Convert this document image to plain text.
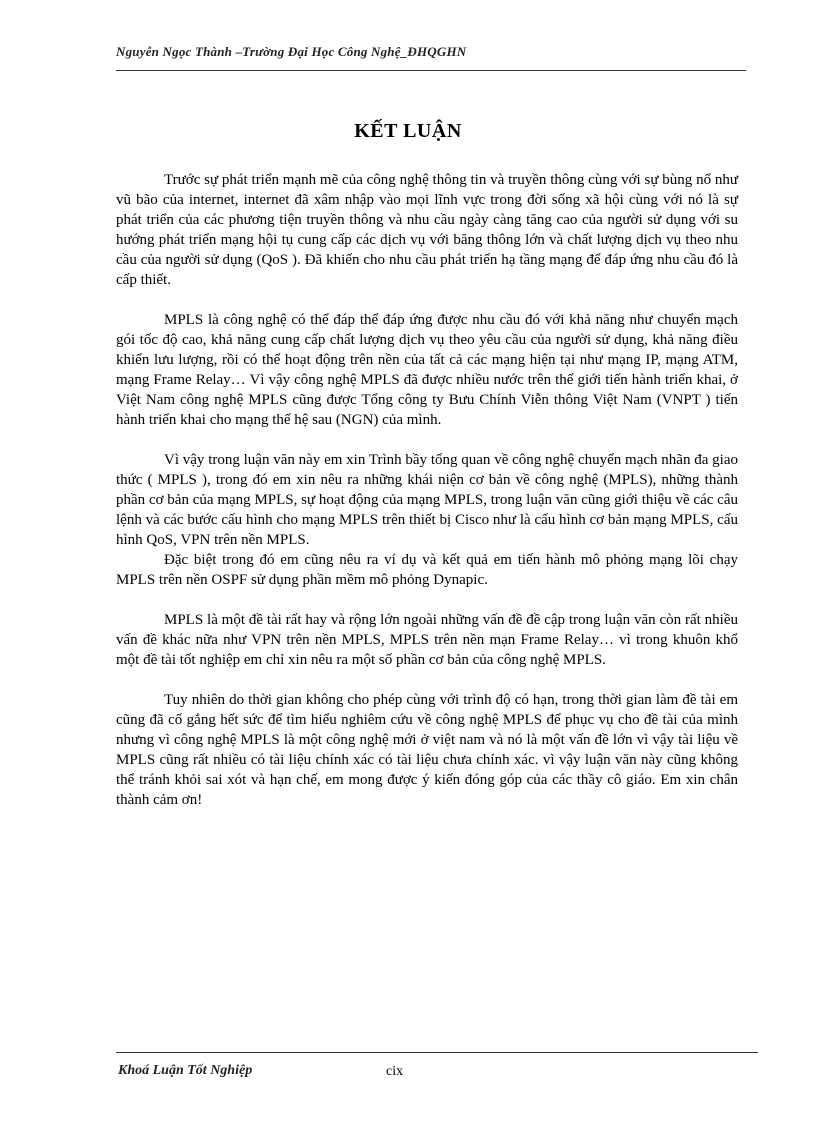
Nguyễn Ngọc Thành –Trường Đại Học Công Nghệ_ĐHQGHN
KẾT LUẬN

Trước sự phát triển mạnh mẽ của công nghệ thông tin và truyền thông cùng với sự bùng nổ như vũ bão của internet, internet đã xâm nhập vào mọi lĩnh vực trong đời sống xã hội cùng với nó là sự phát triển của các phương tiện truyền thông và nhu cầu ngày càng tăng cao của người sử dụng với su hướng phát triển mạng hội tụ cung cấp các dịch vụ với băng thông lớn và chất lượng dịch vụ theo nhu cầu của người sử dụng (QoS ). Đã khiến cho nhu cầu phát triển hạ tầng mạng để đáp ứng nhu cầu đó là cấp thiết.

MPLS là công nghệ có thể đáp thể đáp ứng được nhu cầu đó với khả năng như chuyển mạch gói tốc độ cao, khả năng cung cấp chất lượng dịch vụ theo yêu cầu của người sử dụng, khả năng điều khiển lưu lượng, rồi có thể hoạt động trên nền của tất cả các mạng hiện tại như mạng IP, mạng ATM, mạng Frame Relay… Vì vậy công nghệ MPLS đã được nhiều nước trên thế giới tiến hành triển khai, ở Việt Nam công nghệ MPLS cũng được Tổng công ty Bưu Chính Viễn thông Việt Nam (VNPT ) tiến hành triển khai cho mạng thế hệ sau (NGN) của mình.

Vì vậy trong luận văn này em xin Trình bầy tổng quan về công nghệ chuyển mạch nhãn đa giao thức ( MPLS ), trong đó em xin nêu ra những khái niện cơ bản về công nghệ (MPLS), những thành phần cơ bản của mạng MPLS, sự hoạt động của mạng MPLS, trong luận văn cũng giới thiệu về các câu lệnh và các bước cấu hình cho mạng MPLS trên thiết bị Cisco như là cấu hình cơ bản mạng MPLS, cấu hình QoS, VPN trên nền MPLS.

Đặc biệt trong đó em cũng nêu ra ví dụ và kết quả em tiến hành mô phỏng mạng lõi chạy MPLS trên nền OSPF sử dụng phần mềm mô phỏng Dynapic.

MPLS là một đề tài rất hay và rộng lớn ngoài những vấn đề đề cập trong luận văn còn rất nhiều vấn đề khác nữa như VPN trên nền MPLS, MPLS trên nền mạn Frame Relay… vì trong khuôn khổ một đề tài tốt nghiệp em chỉ xin nêu ra một số phần cơ bản của công nghệ MPLS.

Tuy nhiên do thời gian không cho phép cùng với trình độ có hạn, trong thời gian làm đề tài em cũng đã cố gắng hết sức để tìm hiểu nghiêm cứu về công nghệ MPLS để phục vụ cho đề tài của mình nhưng vì công nghệ MPLS là một công nghệ mới ở việt nam và nó là một vấn đề lớn vì vậy tài liệu về MPLS cũng rất nhiều có tài liệu chính xác có tài liệu chưa chính xác. vì vậy luận văn này cũng không thể tránh khỏi sai xót và hạn chế, em mong được ý kiến đóng góp của các thầy cô giáo. Em xin chân thành cảm ơn!

Khoá Luận Tốt Nghiệp	cix
